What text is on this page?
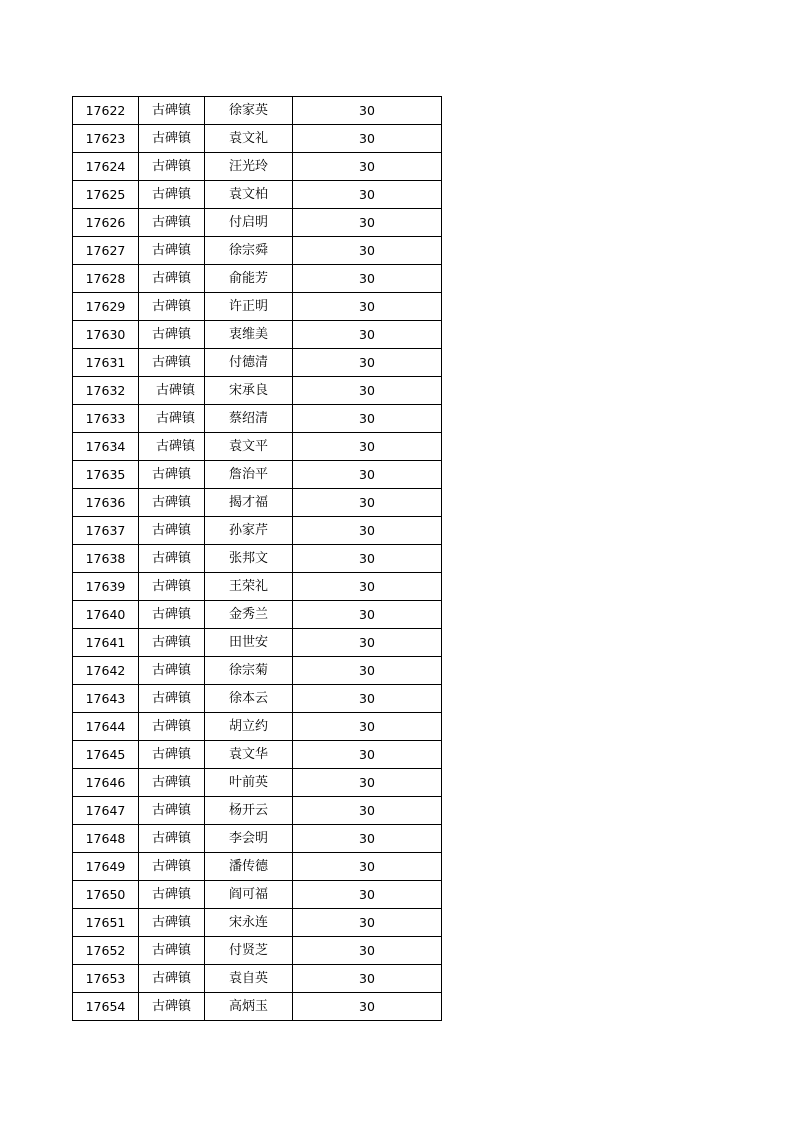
17622	古碑镇	徐家英	30
17623	古碑镇	袁文礼	30
17624	古碑镇	汪光玲	30
17625	古碑镇	袁文柏	30
17626	古碑镇	付启明	30
17627	古碑镇	徐宗舜	30
17628	古碑镇	俞能芳	30
17629	古碑镇	许正明	30
17630	古碑镇	衷维美	30
17631	古碑镇	付德清	30
17632	古碑镇	宋承良	30
17633	古碑镇	蔡绍清	30
17634	古碑镇	袁文平	30
17635	古碑镇	詹治平	30
17636	古碑镇	揭才福	30
17637	古碑镇	孙家芹	30
17638	古碑镇	张邦文	30
17639	古碑镇	王荣礼	30
17640	古碑镇	金秀兰	30
17641	古碑镇	田世安	30
17642	古碑镇	徐宗菊	30
17643	古碑镇	徐本云	30
17644	古碑镇	胡立约	30
17645	古碑镇	袁文华	30
17646	古碑镇	叶前英	30
17647	古碑镇	杨开云	30
17648	古碑镇	李会明	30
17649	古碑镇	潘传德	30
17650	古碑镇	阎可福	30
17651	古碑镇	宋永连	30
17652	古碑镇	付贤芝	30
17653	古碑镇	袁自英	30
17654	古碑镇	高炳玉	30
